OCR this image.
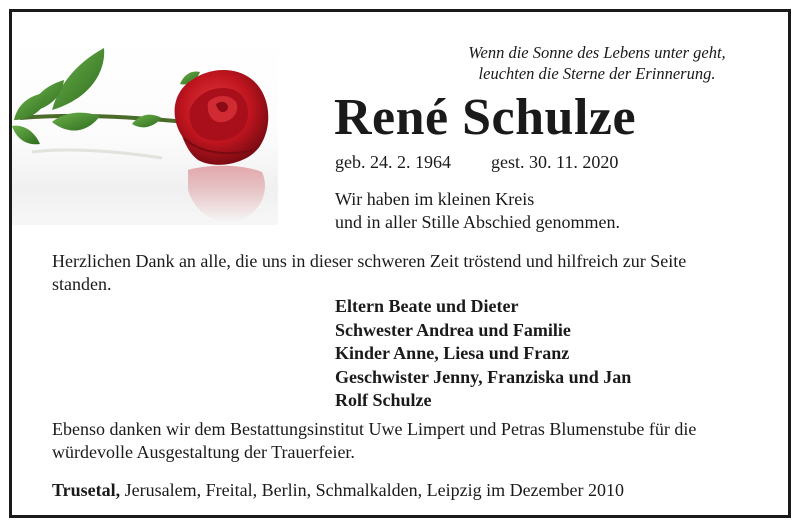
Wenn die Sonne des Lebens unter geht,
leuchten die Sterne der Erinnerung.
René Schulze
geb. 24. 2. 1964 gest. 30. 11. 2020
Wir haben im kleinen Kreis
und in aller Stille Abschied genommen.
Herzlichen Dank an alle, die uns in dieser schweren Zeit tröstend und hilfreich zur Seite
standen.
Eltern Beate und Dieter
Schwester Andrea und Familie
Kinder Anne, Liesa und Franz
Geschwister Jenny, Franziska und Jan
Rolf Schulze
Ebenso danken wir dem Bestattungsinstitut Uwe Limpert und Petras Blumenstube für die
würdevolle Ausgestaltung der Trauerfeier.
Trusetal, Jerusalem, Freital, Berlin, Schmalkalden, Leipzig im Dezember 2010
